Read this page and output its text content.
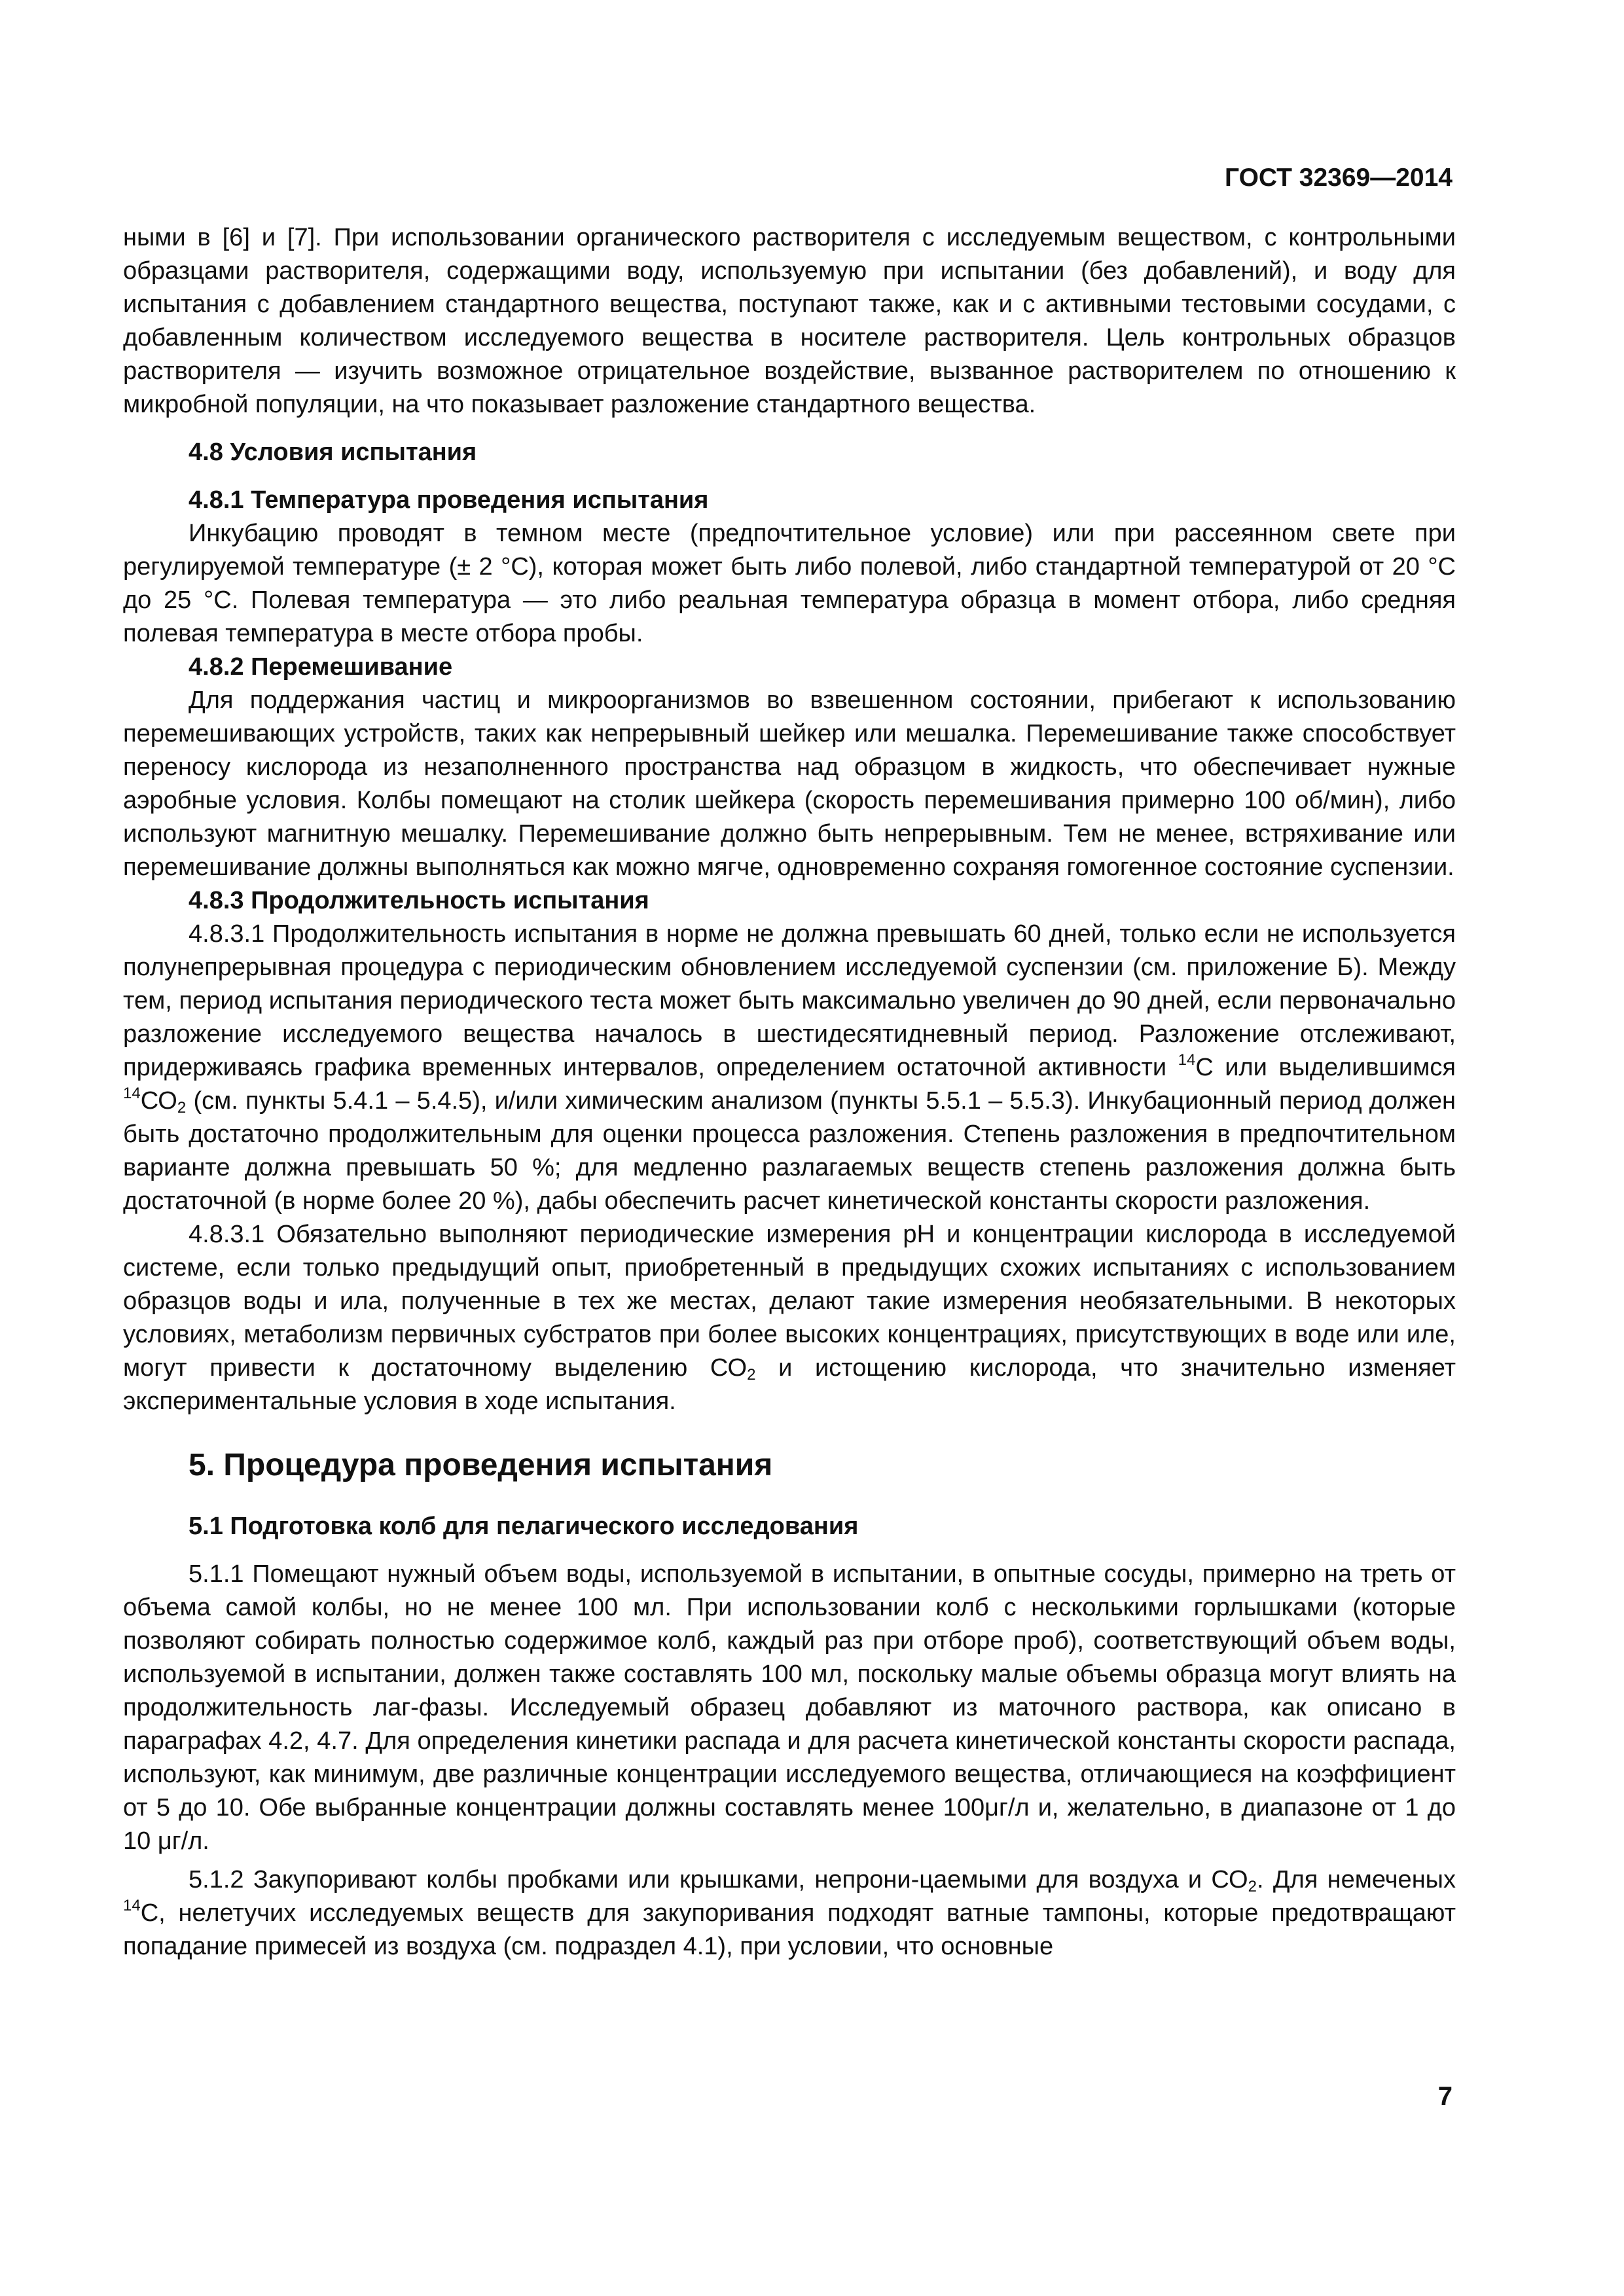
ГОСТ 32369—2014

ными в [6] и [7]. При использовании органического растворителя с исследуемым веществом, с контрольными образцами растворителя, содержащими воду, используемую при испытании (без добавлений), и воду для испытания с добавлением стандартного вещества, поступают также, как и с активными тестовыми сосудами, с добавленным количеством исследуемого вещества в носителе растворителя. Цель контрольных образцов растворителя — изучить возможное отрицательное воздействие, вызванное растворителем по отношению к микробной популяции, на что показывает разложение стандартного вещества.

4.8 Условия испытания

4.8.1 Температура проведения испытания

Инкубацию проводят в темном месте (предпочтительное условие) или при рассеянном свете при регулируемой температуре (± 2 °С), которая может быть либо полевой, либо стандартной температурой от 20 °С до 25 °С. Полевая температура — это либо реальная температура образца в момент отбора, либо средняя полевая температура в месте отбора пробы.

4.8.2 Перемешивание

Для поддержания частиц и микроорганизмов во взвешенном состоянии, прибегают к использованию перемешивающих устройств, таких как непрерывный шейкер или мешалка. Перемешивание также способствует переносу кислорода из незаполненного пространства над образцом в жидкость, что обеспечивает нужные аэробные условия. Колбы помещают на столик шейкера (скорость перемешивания примерно 100 об/мин), либо используют магнитную мешалку. Перемешивание должно быть непрерывным. Тем не менее, встряхивание или перемешивание должны выполняться как можно мягче, одновременно сохраняя гомогенное состояние суспензии.

4.8.3 Продолжительность испытания

4.8.3.1 Продолжительность испытания в норме не должна превышать 60 дней, только если не используется полунепрерывная процедура с периодическим обновлением исследуемой суспензии (см. приложение Б). Между тем, период испытания периодического теста может быть максимально увеличен до 90 дней, если первоначально разложение исследуемого вещества началось в шестидесятидневный период. Разложение отслеживают, придерживаясь графика временных интервалов, определением остаточной активности $^{14}$С или выделившимся $^{14}СО_2$ (см. пункты 5.4.1 – 5.4.5), и/или химическим анализом (пункты 5.5.1 – 5.5.3). Инкубационный период должен быть достаточно продолжительным для оценки процесса разложения. Степень разложения в предпочтительном варианте должна превышать 50 %; для медленно разлагаемых веществ степень разложения должна быть достаточной (в норме более 20 %), дабы обеспечить расчет кинетической константы скорости разложения.

4.8.3.1 Обязательно выполняют периодические измерения pH и концентрации кислорода в исследуемой системе, если только предыдущий опыт, приобретенный в предыдущих схожих испытаниях с использованием образцов воды и ила, полученные в тех же местах, делают такие измерения необязательными. В некоторых условиях, метаболизм первичных субстратов при более высоких концентрациях, присутствующих в воде или иле, могут привести к достаточному выделению $СО_2$ и истощению кислорода, что значительно изменяет экспериментальные условия в ходе испытания.

5. Процедура проведения испытания

5.1 Подготовка колб для пелагического исследования

5.1.1 Помещают нужный объем воды, используемой в испытании, в опытные сосуды, примерно на треть от объема самой колбы, но не менее 100 мл. При использовании колб с несколькими горлышками (которые позволяют собирать полностью содержимое колб, каждый раз при отборе проб), соответствующий объем воды, используемой в испытании, должен также составлять 100 мл, поскольку малые объемы образца могут влиять на продолжительность лаг-фазы. Исследуемый образец добавляют из маточного раствора, как описано в параграфах 4.2, 4.7. Для определения кинетики распада и для расчета кинетической константы скорости распада, используют, как минимум, две различные концентрации исследуемого вещества, отличающиеся на коэффициент от 5 до 10. Обе выбранные концентрации должны составлять менее 100μг/л и, желательно, в диапазоне от 1 до 10 μг/л.

5.1.2 Закупоривают колбы пробками или крышками, непрони-цаемыми для воздуха и $СО_2$. Для немеченых $^{14}$С, нелетучих исследуемых веществ для закупоривания подходят ватные тампоны, которые предотвращают попадание примесей из воздуха (см. подраздел 4.1), при условии, что основные

7
